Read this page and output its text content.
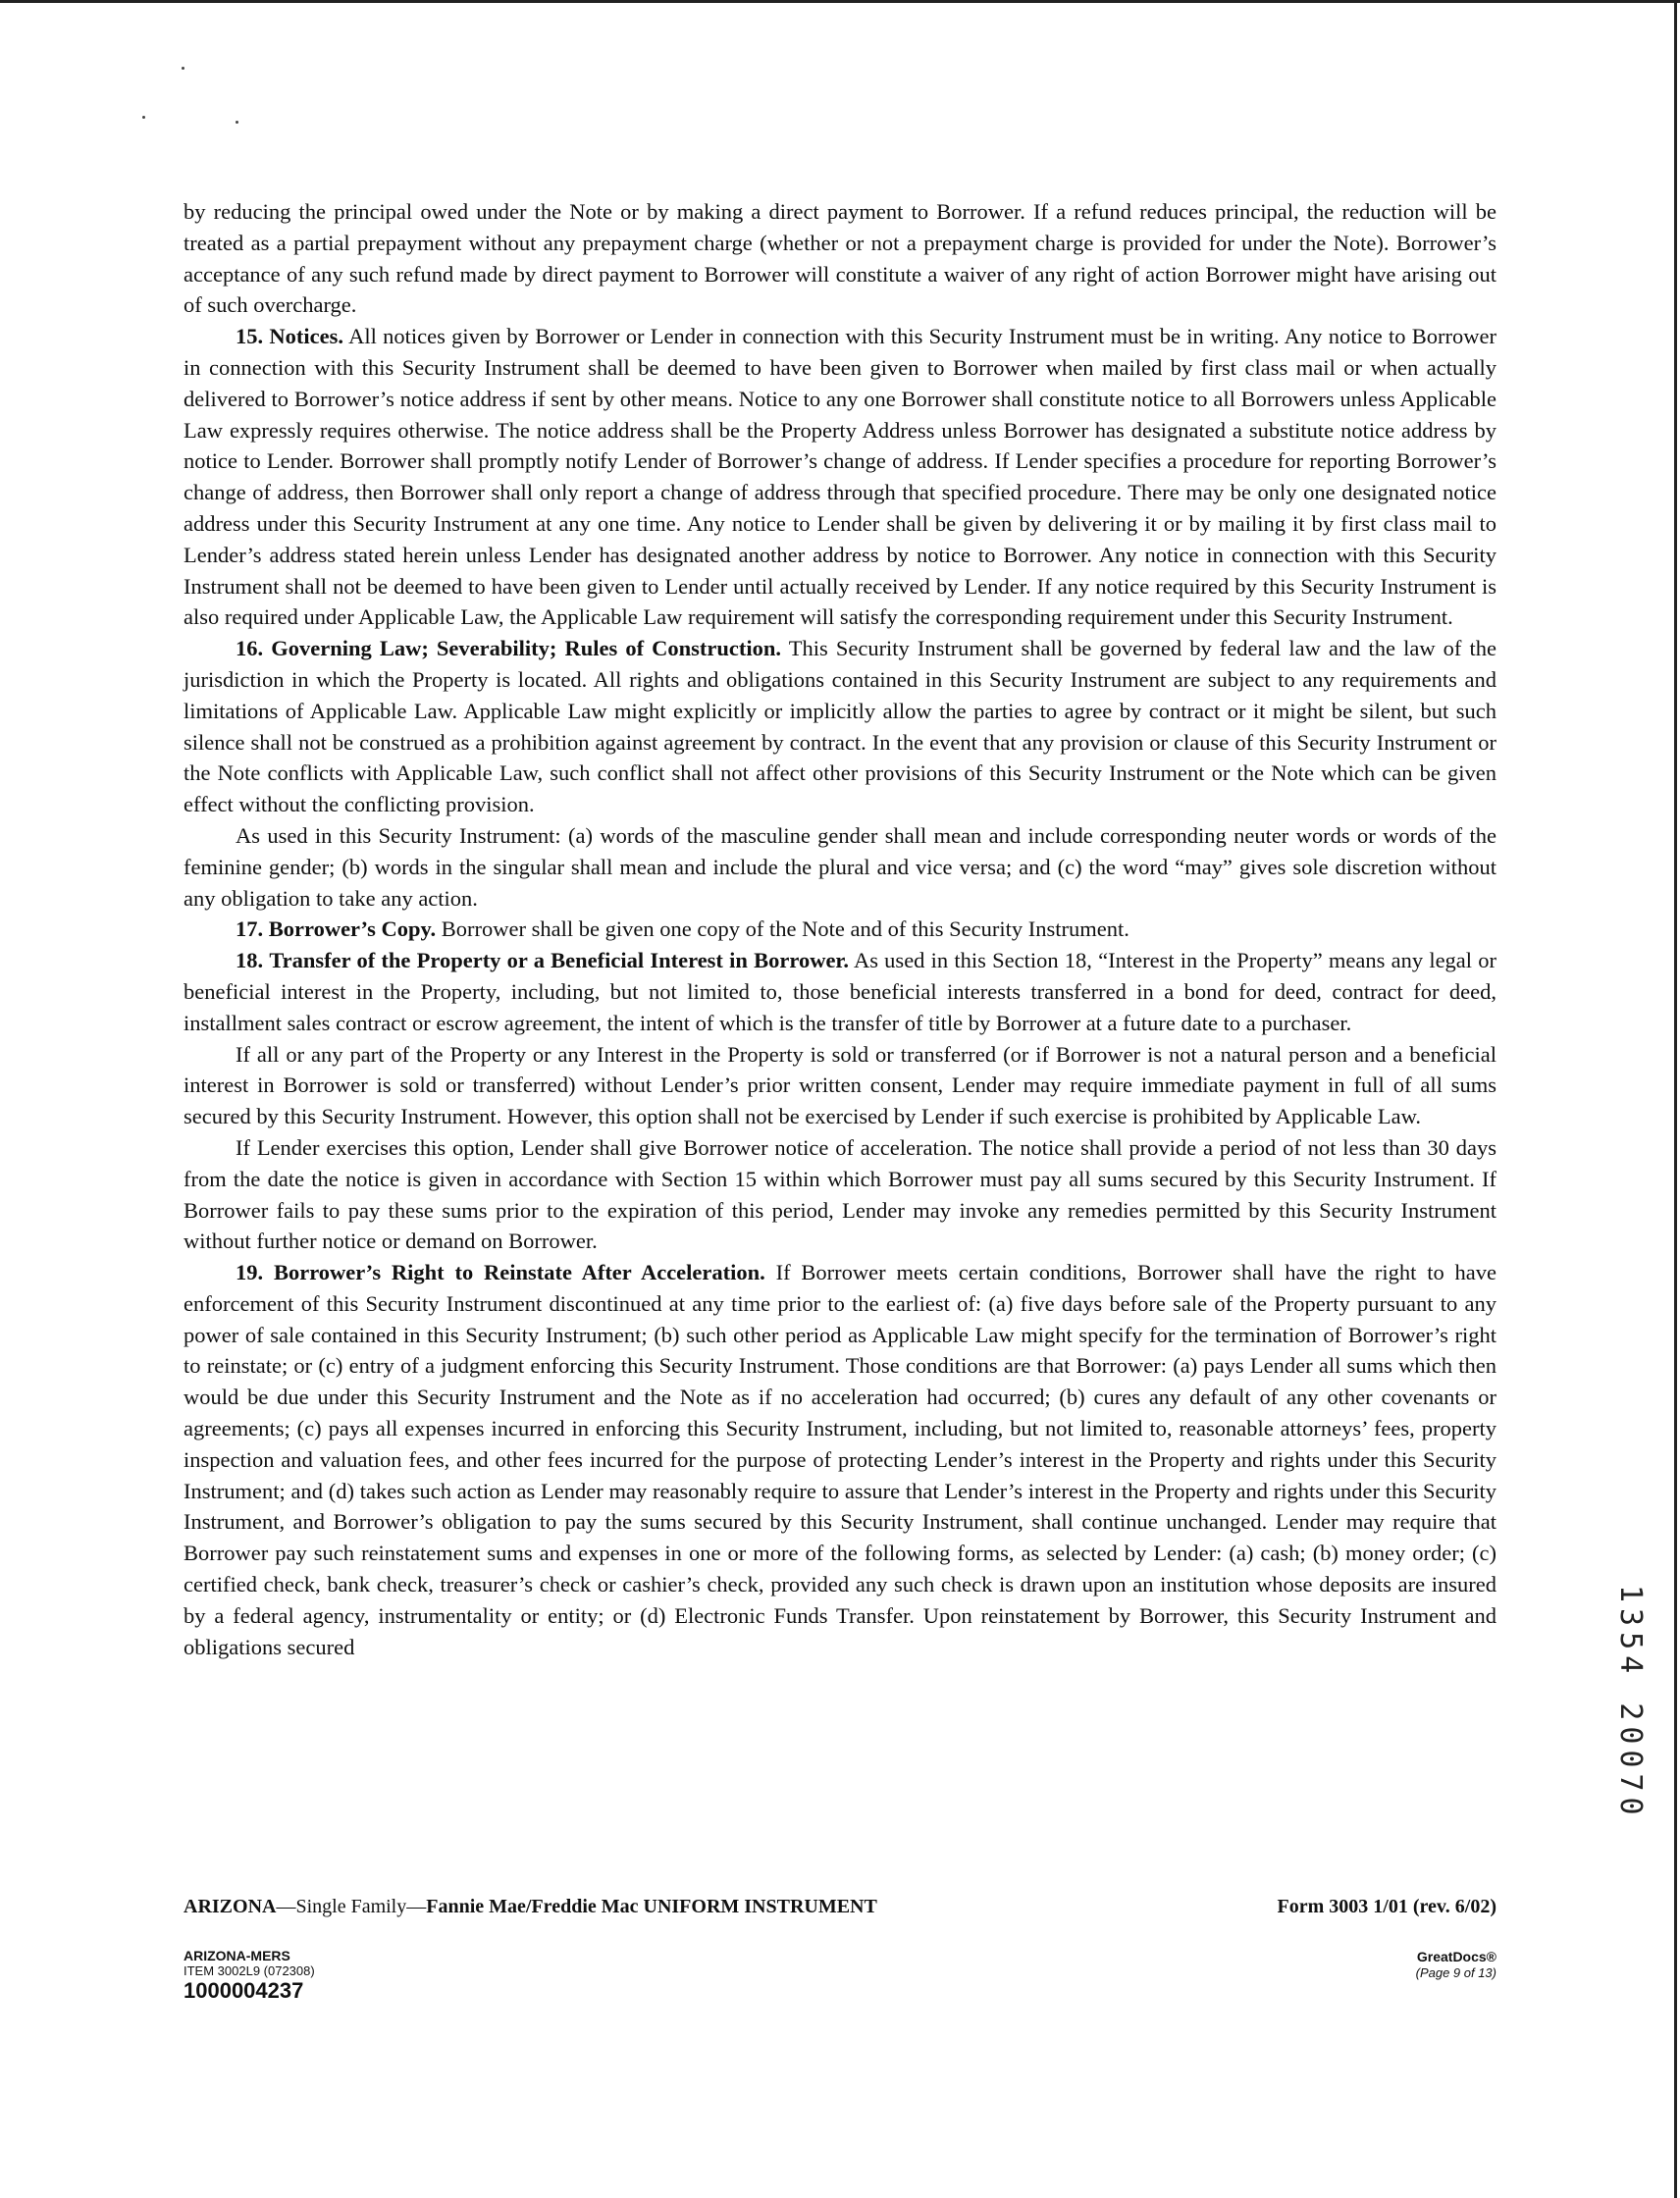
by reducing the principal owed under the Note or by making a direct payment to Borrower. If a refund reduces principal, the reduction will be treated as a partial prepayment without any prepayment charge (whether or not a prepayment charge is provided for under the Note). Borrower’s acceptance of any such refund made by direct payment to Borrower will constitute a waiver of any right of action Borrower might have arising out of such overcharge.

15. Notices. All notices given by Borrower or Lender in connection with this Security Instrument must be in writing. Any notice to Borrower in connection with this Security Instrument shall be deemed to have been given to Borrower when mailed by first class mail or when actually delivered to Borrower’s notice address if sent by other means. Notice to any one Borrower shall constitute notice to all Borrowers unless Applicable Law expressly requires otherwise. The notice address shall be the Property Address unless Borrower has designated a substitute notice address by notice to Lender. Borrower shall promptly notify Lender of Borrower’s change of address. If Lender specifies a procedure for reporting Borrower’s change of address, then Borrower shall only report a change of address through that specified procedure. There may be only one designated notice address under this Security Instrument at any one time. Any notice to Lender shall be given by delivering it or by mailing it by first class mail to Lender’s address stated herein unless Lender has designated another address by notice to Borrower. Any notice in connection with this Security Instrument shall not be deemed to have been given to Lender until actually received by Lender. If any notice required by this Security Instrument is also required under Applicable Law, the Applicable Law requirement will satisfy the corresponding requirement under this Security Instrument.

16. Governing Law; Severability; Rules of Construction. This Security Instrument shall be governed by federal law and the law of the jurisdiction in which the Property is located. All rights and obligations contained in this Security Instrument are subject to any requirements and limitations of Applicable Law. Applicable Law might explicitly or implicitly allow the parties to agree by contract or it might be silent, but such silence shall not be construed as a prohibition against agreement by contract. In the event that any provision or clause of this Security Instrument or the Note conflicts with Applicable Law, such conflict shall not affect other provisions of this Security Instrument or the Note which can be given effect without the conflicting provision.

As used in this Security Instrument: (a) words of the masculine gender shall mean and include corresponding neuter words or words of the feminine gender; (b) words in the singular shall mean and include the plural and vice versa; and (c) the word “may” gives sole discretion without any obligation to take any action.

17. Borrower’s Copy. Borrower shall be given one copy of the Note and of this Security Instrument.

18. Transfer of the Property or a Beneficial Interest in Borrower. As used in this Section 18, “Interest in the Property” means any legal or beneficial interest in the Property, including, but not limited to, those beneficial interests transferred in a bond for deed, contract for deed, installment sales contract or escrow agreement, the intent of which is the transfer of title by Borrower at a future date to a purchaser.

If all or any part of the Property or any Interest in the Property is sold or transferred (or if Borrower is not a natural person and a beneficial interest in Borrower is sold or transferred) without Lender’s prior written consent, Lender may require immediate payment in full of all sums secured by this Security Instrument. However, this option shall not be exercised by Lender if such exercise is prohibited by Applicable Law.

If Lender exercises this option, Lender shall give Borrower notice of acceleration. The notice shall provide a period of not less than 30 days from the date the notice is given in accordance with Section 15 within which Borrower must pay all sums secured by this Security Instrument. If Borrower fails to pay these sums prior to the expiration of this period, Lender may invoke any remedies permitted by this Security Instrument without further notice or demand on Borrower.

19. Borrower’s Right to Reinstate After Acceleration. If Borrower meets certain conditions, Borrower shall have the right to have enforcement of this Security Instrument discontinued at any time prior to the earliest of: (a) five days before sale of the Property pursuant to any power of sale contained in this Security Instrument; (b) such other period as Applicable Law might specify for the termination of Borrower’s right to reinstate; or (c) entry of a judgment enforcing this Security Instrument. Those conditions are that Borrower: (a) pays Lender all sums which then would be due under this Security Instrument and the Note as if no acceleration had occurred; (b) cures any default of any other covenants or agreements; (c) pays all expenses incurred in enforcing this Security Instrument, including, but not limited to, reasonable attorneys’ fees, property inspection and valuation fees, and other fees incurred for the purpose of protecting Lender’s interest in the Property and rights under this Security Instrument; and (d) takes such action as Lender may reasonably require to assure that Lender’s interest in the Property and rights under this Security Instrument, and Borrower’s obligation to pay the sums secured by this Security Instrument, shall continue unchanged. Lender may require that Borrower pay such reinstatement sums and expenses in one or more of the following forms, as selected by Lender: (a) cash; (b) money order; (c) certified check, bank check, treasurer’s check or cashier’s check, provided any such check is drawn upon an institution whose deposits are insured by a federal agency, instrumentality or entity; or (d) Electronic Funds Transfer. Upon reinstatement by Borrower, this Security Instrument and obligations secured	1354 20070
ARIZONA—Single Family—Fannie Mae/Freddie Mac UNIFORM INSTRUMENT	Form 3003 1/01 (rev. 6/02)
ARIZONA-MERS
ITEM 3002L9 (072308)
1000004237
GreatDocs®
(Page 9 of 13)
